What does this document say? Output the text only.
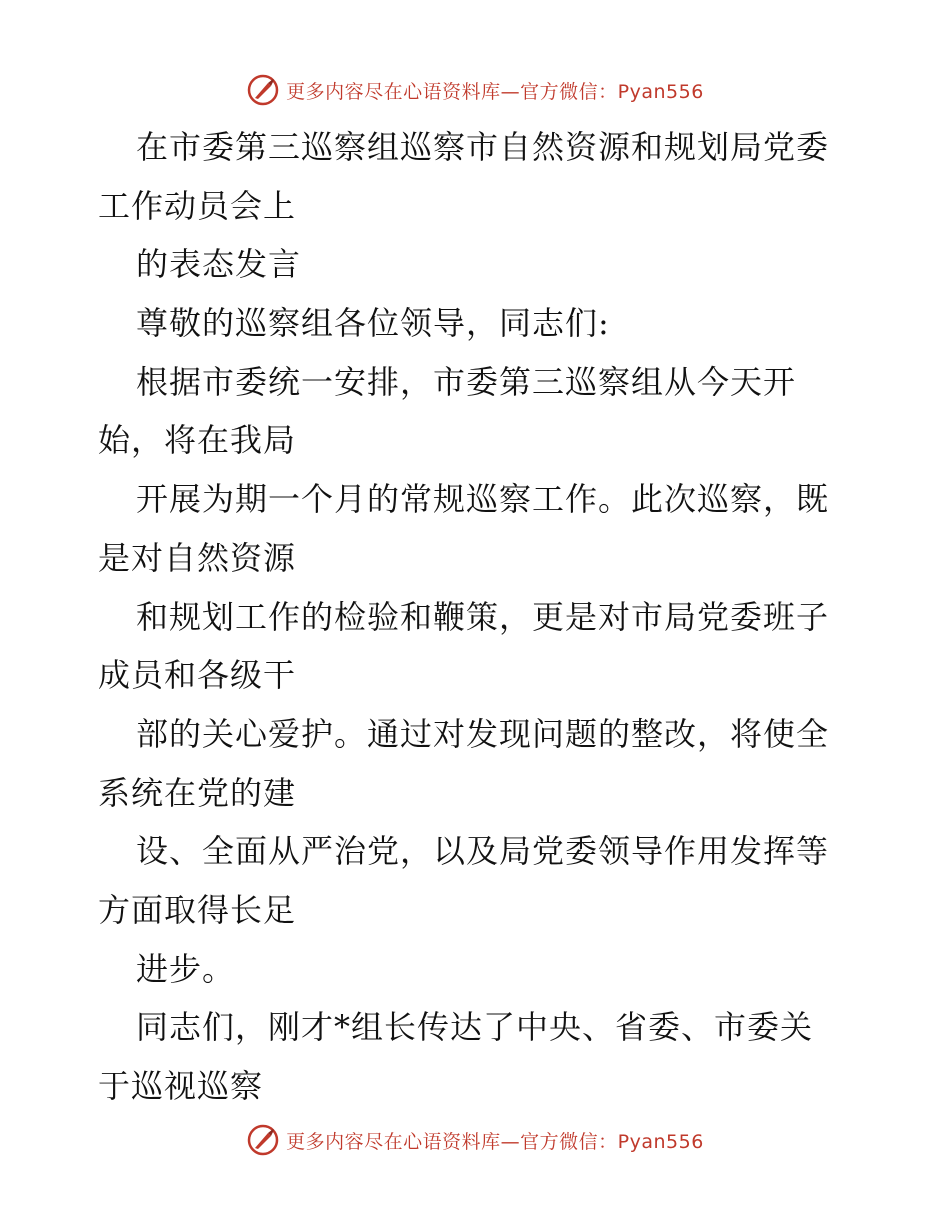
更多内容尽在心语资料库—官方微信：Pyan556
在市委第三巡察组巡察市自然资源和规划局党委
工作动员会上
的表态发言
尊敬的巡察组各位领导，同志们:
根据市委统一安排，市委第三巡察组从今天开
始，将在我局
开展为期一个月的常规巡察工作。此次巡察，既
是对自然资源
和规划工作的检验和鞭策，更是对市局党委班子
成员和各级干
部的关心爱护。通过对发现问题的整改，将使全
系统在党的建
设、全面从严治党，以及局党委领导作用发挥等
方面取得长足
进步。
同志们，刚才*组长传达了中央、省委、市委关
于巡视巡察
更多内容尽在心语资料库—官方微信：Pyan556
